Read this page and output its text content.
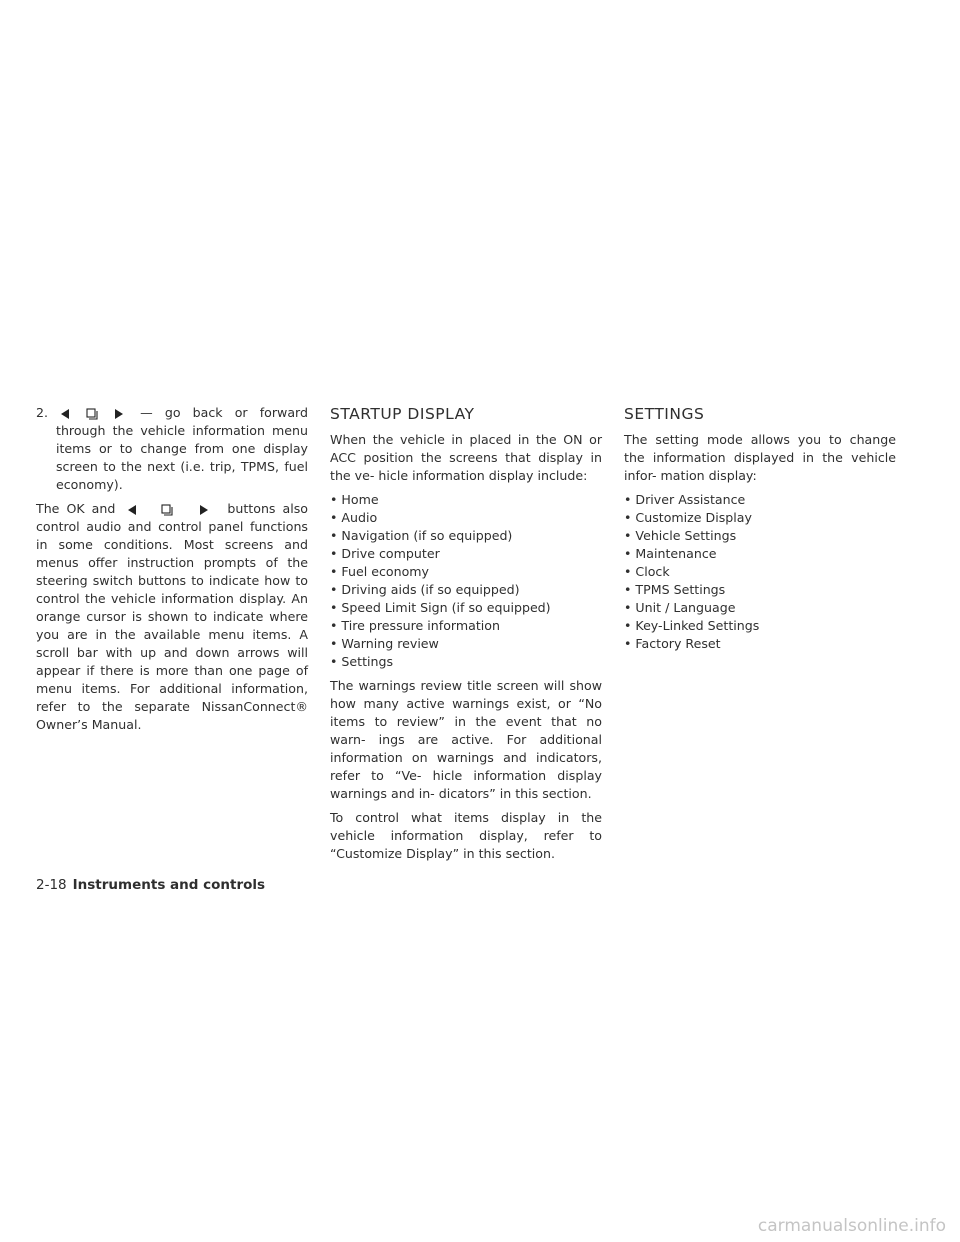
2.	— go back or forward through the vehicle information menu items or to change from one display screen to the next (i.e. trip, TPMS, fuel economy).

The OK and	buttons also control audio and control panel functions in some conditions. Most screens and menus offer instruction prompts of the steering switch buttons to indicate how to control the vehicle information display. An orange cursor is shown to indicate where you are in the available menu items. A scroll bar with up and down arrows will appear if there is more than one page of menu items. For additional information, refer to the separate NissanConnect® Owner’s Manual.

STARTUP DISPLAY

When the vehicle in placed in the ON or ACC position the screens that display in the ve- hicle information display include:

• Home
• Audio
• Navigation (if so equipped)
• Drive computer
• Fuel economy
• Driving aids (if so equipped)
• Speed Limit Sign (if so equipped)
• Tire pressure information
• Warning review
• Settings

The warnings review title screen will show how many active warnings exist, or “No items to review” in the event that no warn- ings are active. For additional information on warnings and indicators, refer to “Ve- hicle information display warnings and in- dicators” in this section.

To control what items display in the vehicle information display, refer to “Customize Display” in this section.

SETTINGS

The setting mode allows you to change the information displayed in the vehicle infor- mation display:

• Driver Assistance
• Customize Display
• Vehicle Settings
• Maintenance
• Clock
• TPMS Settings
• Unit / Language
• Key-Linked Settings
• Factory Reset
2-18 Instruments and controls
carmanualsonline.info
